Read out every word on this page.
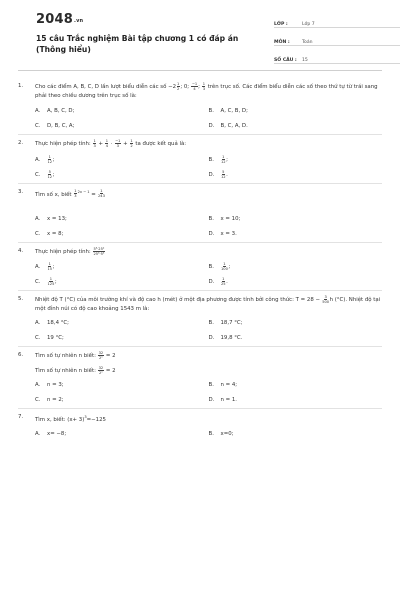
2048.vn
15 câu Trắc nghiệm Bài tập chương 1 có đáp án (Thông hiểu)
LỚP :	Lớp 7
MÔN :	Toán
SỐ CÂU :	15
1.	Cho các điểm A, B, C, D lần lượt biểu diễn các số $-2 \frac{1}{2}$ ; 0; $\frac{-1}{4}$ ; $\frac{1}{3}$ trên trục số. Các điểm biểu diễn các số theo thứ tự từ trái sang phải theo chiều dương trên trục số là:
A. A, B, C, D;	B. A, C, B, D;
C. D, B, C, A;	D. B, C, A, D.
2.	Thực hiện phép tính: $\frac{1}{3} + \frac{1}{4} \cdot \frac{-1}{3} + \frac{1}{2}$ ta được kết quả là:
A. $\frac{1}{12}$ ;	B. $\frac{1}{12}$ ;
C. $\frac{5}{12}$ ;	D. $\frac{5}{12}$ .
3.	Tìm số x, biết $\frac{1}{3} ^{2x - 1} = \frac{1}{243}$
A. x = 13;	B. x = 10;
C. x = 8;	D. x = 3.
4.	Thực hiện phép tính: $\frac{\text{5³·25²}}{\text{25³·5³}}$
A. $\frac{1}{15}$ ;	B. $\frac{1}{100}$ ;
C. $\frac{1}{125}$ ;	D. $\frac{1}{25}$ .
5.	Nhiệt độ T (°C) của môi trường khí và độ cao h (mét) ở một địa phương được tính bởi công thức: $T = 28 - \frac{3}{500}$ h (°C). Nhiệt độ tại một đỉnh núi có độ cao khoảng 1543 m là:
A. 18,4 °C;	B. 18,7 °C;
C. 19 °C;	D. 19,8 °C.
6.	Tìm số tự nhiên n biết: $\frac{32}{\text{2ⁿ}} = 2$
Tìm số tự nhiên n biết: $\frac{32}{\text{2ⁿ}} = 2$
A. n = 3;	B. n = 4;
C. n = 2;	D. n = 1.
7.	Tìm x, biết: $(x+ 3)^3=-125$
A. x= −8;	B. x=0;
